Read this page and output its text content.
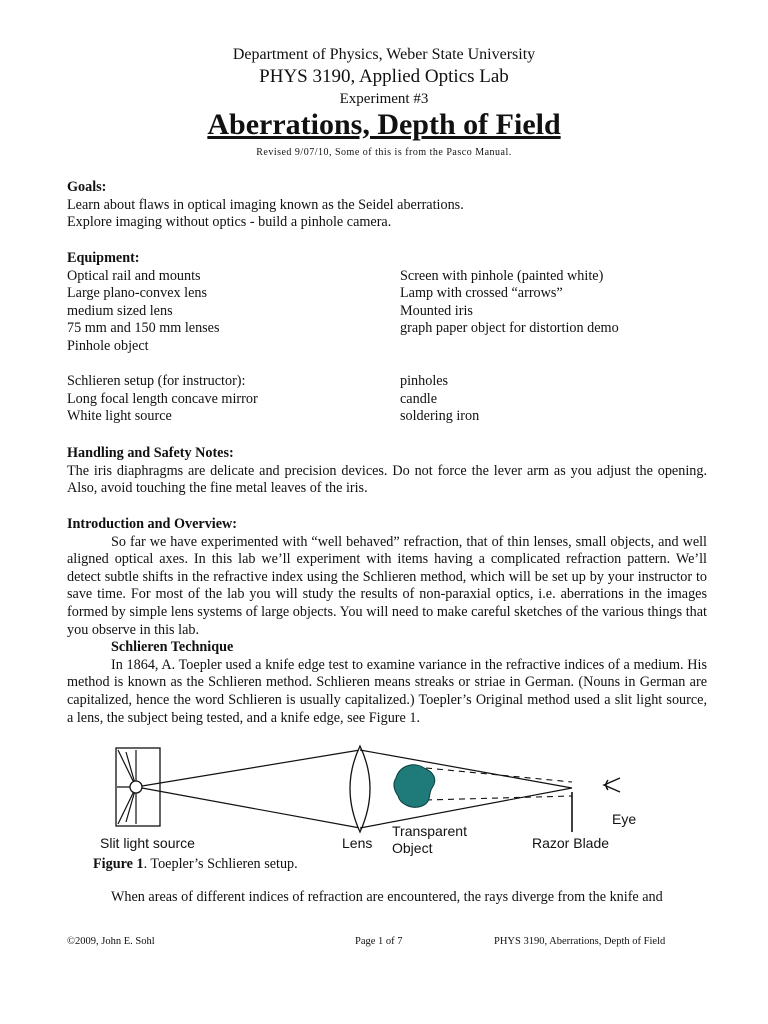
Department of Physics, Weber State University
PHYS 3190, Applied Optics Lab
Experiment #3
Aberrations, Depth of Field
Revised 9/07/10, Some of this is from the Pasco Manual.
Goals:
Learn about flaws in optical imaging known as the Seidel aberrations.
Explore imaging without optics - build a pinhole camera.
Equipment:
Optical rail and mounts	Screen with pinhole (painted white)
Large plano-convex lens	Lamp with crossed “arrows”
medium sized lens	Mounted iris
75 mm and 150 mm lenses	graph paper object for distortion demo
Pinhole object
Schlieren setup (for instructor):	pinholes
Long focal length concave mirror	candle
White light source	soldering iron
Handling and Safety Notes:
The iris diaphragms are delicate and precision devices. Do not force the lever arm as you adjust the opening. Also, avoid touching the fine metal leaves of the iris.
Introduction and Overview:
So far we have experimented with “well behaved” refraction, that of thin lenses, small objects, and well aligned optical axes. In this lab we’ll experiment with items having a complicated refraction pattern. We’ll detect subtle shifts in the refractive index using the Schlieren method, which will be set up by your instructor to save time. For most of the lab you will study the results of non-paraxial optics, i.e. aberrations in the images formed by simple lens systems of large objects. You will need to make careful sketches of the various things that you observe in this lab.
Schlieren Technique
In 1864, A. Toepler used a knife edge test to examine variance in the refractive indices of a medium. His method is known as the Schlieren method. Schlieren means streaks or striae in German. (Nouns in German are capitalized, hence the word Schlieren is usually capitalized.) Toepler’s Original method used a slit light source, a lens, the subject being tested, and a knife edge, see Figure 1.
Slit light source	Lens
Transparent
Object	Razor Blade
Eye
Figure 1. Toepler’s Schlieren setup.
When areas of different indices of refraction are encountered, the rays diverge from the knife and
©2009, John E. Sohl	Page 1 of 7	PHYS 3190, Aberrations, Depth of Field
